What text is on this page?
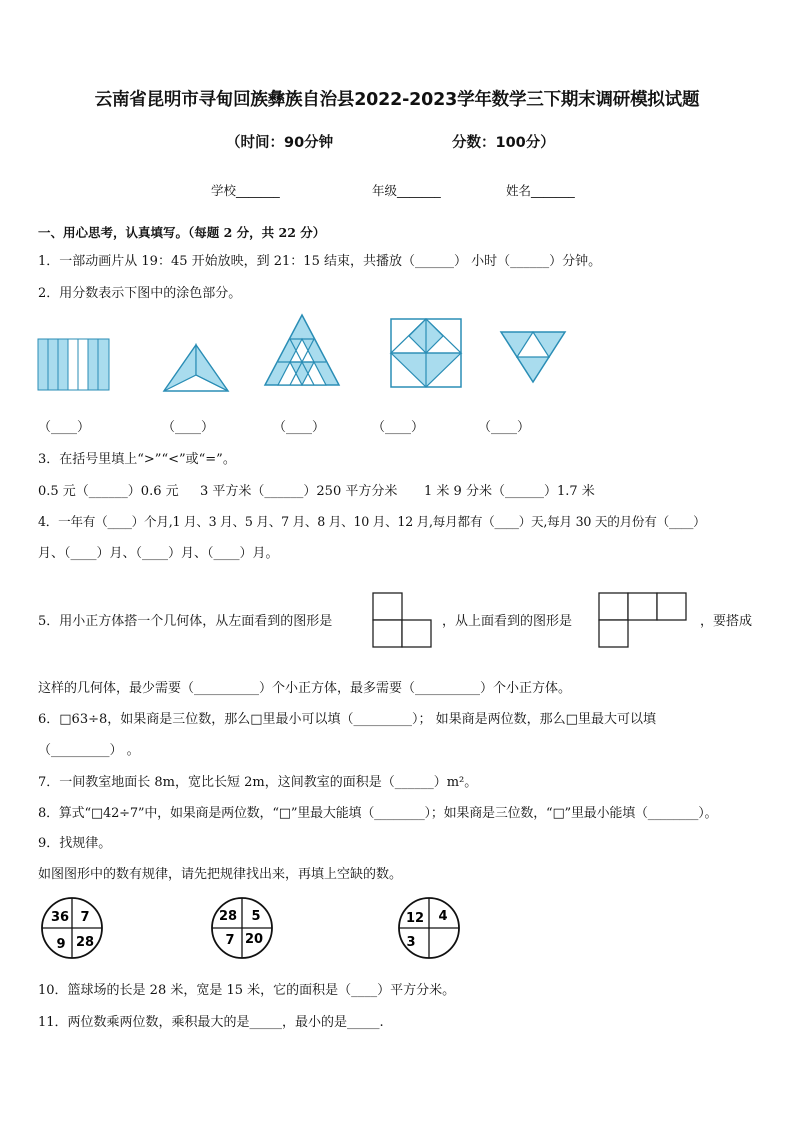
云南省昆明市寻甸回族彝族自治县2022-2023学年数学三下期末调研模拟试题
（时间：90分钟	分数：100分）
学校_______	年级_______	姓名_______
一、用心思考，认真填写。（每题 2 分，共 22 分）
1．一部动画片从 19：45 开始放映，到 21：15 结束，共播放（______） 小时（______）分钟。
2．用分数表示下图中的涂色部分。
（____）	（____）	（____）	（____）	（____）
3．在括号里填上“>”“<”或“=”。
0.5 元（______）0.6 元 3 平方米（______）250 平方分米 1 米 9 分米（______）1.7 米
4．一年有（____）个月,1 月、3 月、5 月、7 月、8 月、10 月、12 月,每月都有（____）天,每月 30 天的月份有（____）
月、（____）月、（____）月、（____）月。
5．用小正方体搭一个几何体，从左面看到的图形是	，从上面看到的图形是	，要搭成
这样的几何体，最少需要（__________）个小正方体，最多需要（__________）个小正方体。
6．□63÷8，如果商是三位数，那么□里最小可以填（_________）； 如果商是两位数，那么□里最大可以填
（_________） 。
7．一间教室地面长 8m，宽比长短 2m，这间教室的面积是（______）m²。
8．算式“□42÷7”中，如果商是两位数，“□”里最大能填（________）；如果商是三位数，“□”里最小能填（________）。
9．找规律。
如图图形中的数有规律，请先把规律找出来，再填上空缺的数。
36 7
9 28
28 5
7 20
12 4
3
10．篮球场的长是 28 米，宽是 15 米，它的面积是（____）平方分米。
11．两位数乘两位数，乘积最大的是_____，最小的是_____.
